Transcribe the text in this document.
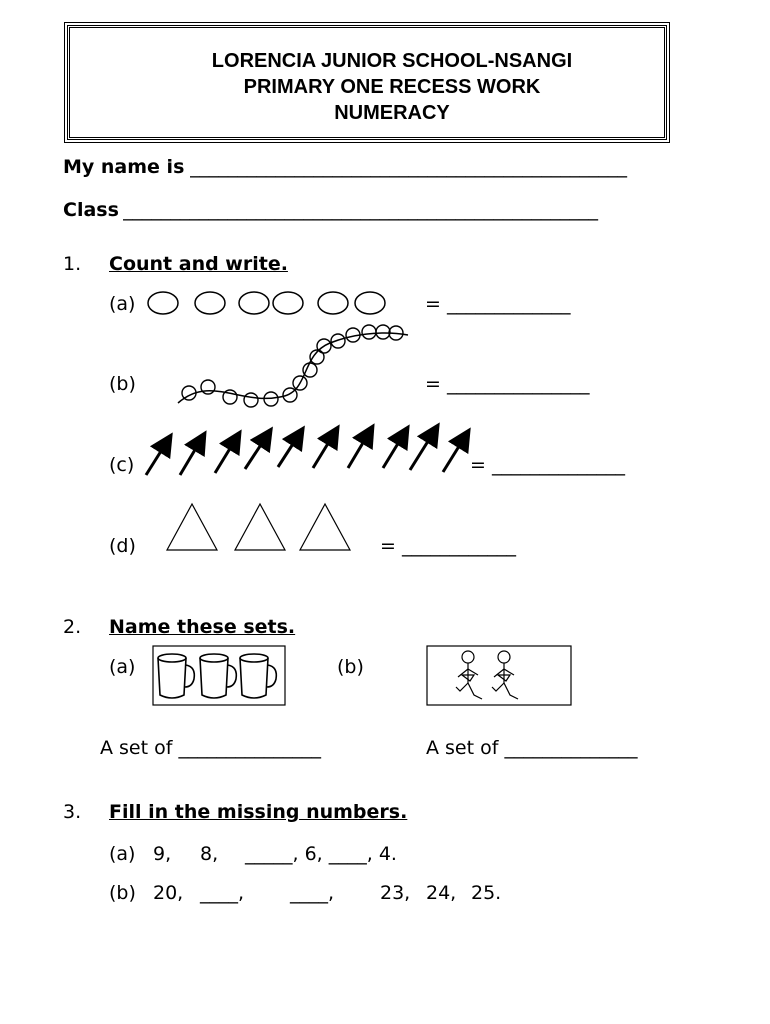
LORENCIA JUNIOR SCHOOL-NSANGI
PRIMARY ONE RECESS WORK
NUMERACY
My name is ______________________________________________
Class __________________________________________________
1. Count and write.
(a)	= _____________
(b)	= _______________
(c)	= ______________
(d)	= ____________
2. Name these sets.
(a)	(b)
A set of _______________	A set of ______________
3. Fill in the missing numbers.
(a) 9, 8, _____, 6, ____, 4.
(b) 20, ____, ____, 23, 24, 25.
